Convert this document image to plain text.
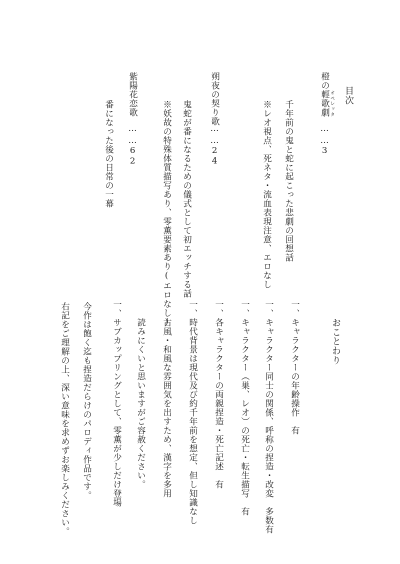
目次
橙の輕歌劇 オペレッタ
……
3
千年前の鬼と蛇に起こった悲劇の回想話
※レオ視点、死ネタ・流血表現注意、エロなし
朔夜の契り歌
……
24
鬼蛇が番になるための儀式として初エッチする話
※妖故の特殊体質描写あり、零薫要素あり(エロなし)
紫陽花恋歌
……
62
番になった後の日常の一幕
おことわり
一、キャラクターの年齢操作　有
一、キャラクター同士の関係、呼称の捏造・改変　多数有
一、キャラクター（巣、レオ）の死亡・転生描写　有
一、各キャラクターの両親捏造・死亡記述　有
一、時代背景は現代及び約千年前を想定、但し知識なし
　　古風・和風な雰囲気を出すため、漢字を多用
　　読みにくいと思いますがご容赦ください。
一、サブカップリングとして、零薫が少しだけ登場
今作は飽く迄も捏造だらけのパロディ作品です。
右記をご理解の上、深い意味を求めずお楽しみください。
